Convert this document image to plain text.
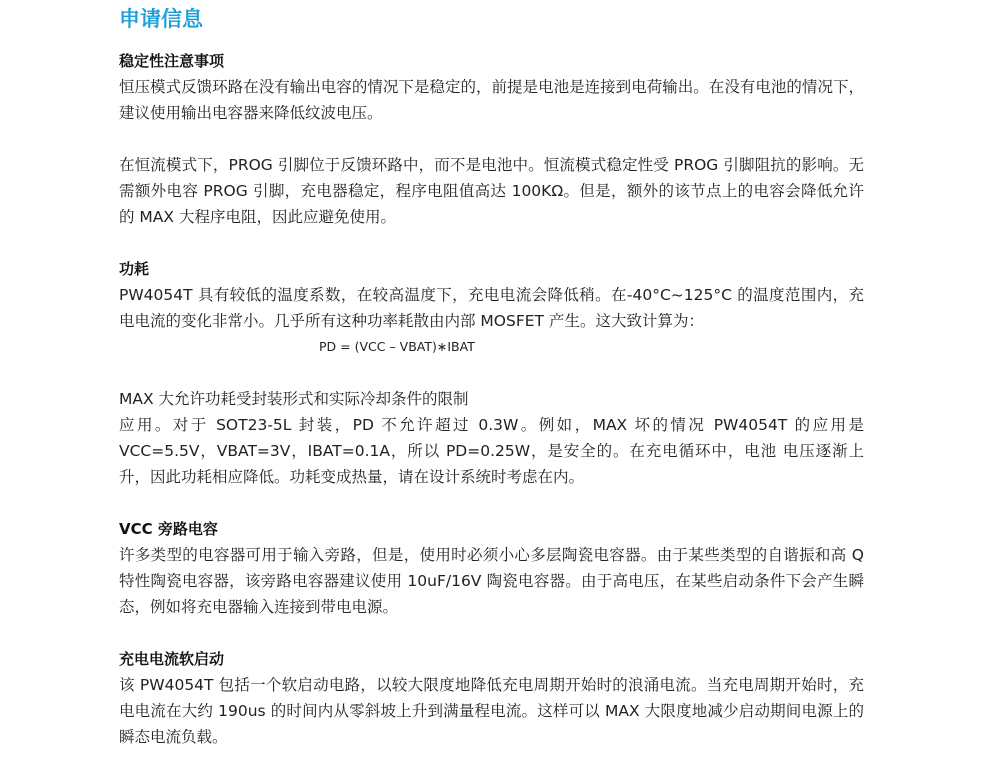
申请信息
稳定性注意事项

恒压模式反馈环路在没有输出电容的情况下是稳定的，前提是电池是连接到电荷输出。在没有电池的情况下，建议使用输出电容器来降低纹波电压。

在恒流模式下，PROG 引脚位于反馈环路中，而不是电池中。恒流模式稳定性受 PROG 引脚阻抗的影响。无需额外电容 PROG 引脚，充电器稳定，程序电阻值高达 100KΩ。但是，额外的该节点上的电容会降低允许的 MAX 大程序电阻，因此应避免使用。

功耗

PW4054T 具有较低的温度系数，在较高温度下，充电电流会降低稍。在-40°C~125°C 的温度范围内，充电电流的变化非常小。几乎所有这种功率耗散由内部 MOSFET 产生。这大致计算为：

PD = (VCC – VBAT)∗IBAT

MAX 大允许功耗受封装形式和实际冷却条件的限制

应用。对于 SOT23-5L 封装，PD 不允许超过 0.3W。例如，MAX 坏的情况 PW4054T 的应用是 VCC=5.5V，VBAT=3V，IBAT=0.1A，所以 PD=0.25W，是安全的。在充电循环中，电池 电压逐渐上升，因此功耗相应降低。功耗变成热量，请在设计系统时考虑在内。

VCC 旁路电容

许多类型的电容器可用于输入旁路，但是，使用时必须小心多层陶瓷电容器。由于某些类型的自谐振和高 Q 特性陶瓷电容器，该旁路电容器建议使用 10uF/16V 陶瓷电容器。由于高电压，在某些启动条件下会产生瞬态，例如将充电器输入连接到带电电源。

充电电流软启动

该 PW4054T 包括一个软启动电路，以较大限度地降低充电周期开始时的浪涌电流。当充电周期开始时，充电电流在大约 190us 的时间内从零斜坡上升到满量程电流。这样可以 MAX 大限度地减少启动期间电源上的瞬态电流负载。
